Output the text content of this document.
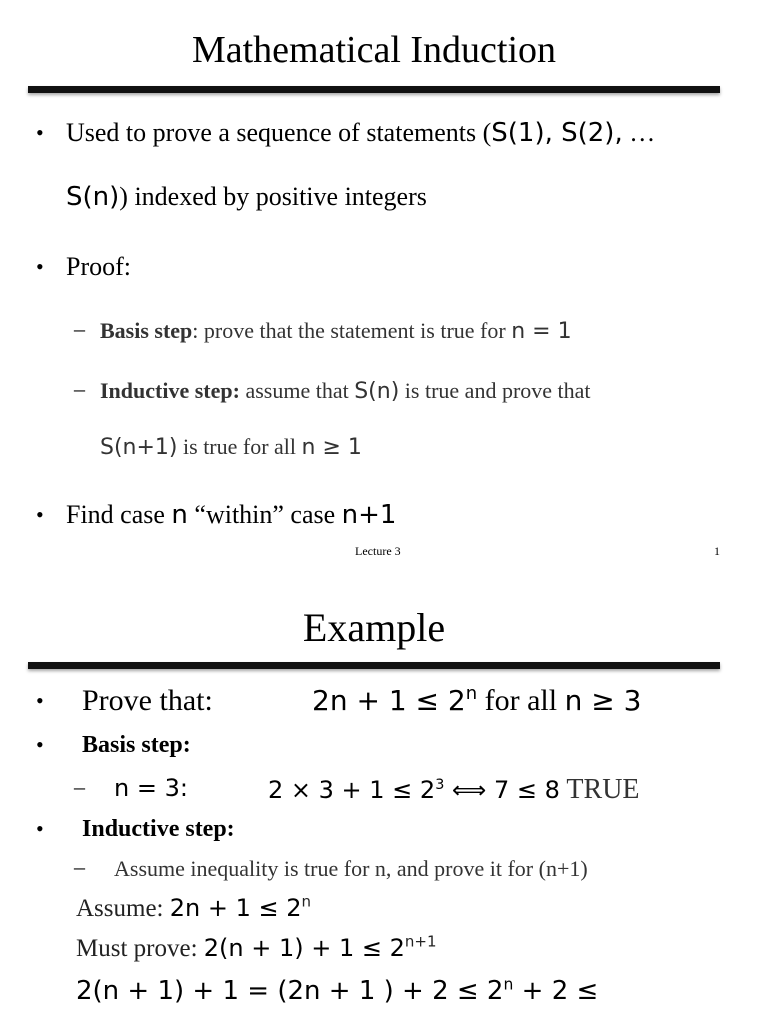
Mathematical Induction
• Used to prove a sequence of statements (S(1), S(2), …
S(n)) indexed by positive integers
• Proof:
– Basis step: prove that the statement is true for n = 1
– Inductive step: assume that S(n) is true and prove that
S(n+1) is true for all n ≥ 1
• Find case n “within” case n+1
Lecture 3	1
Example
• Prove that:	$2n + 1 \le 2^n$ for all n ≥ 3
• Basis step:
– n = 3:	$2 \times 3 + 1 \le 2^3$ ⟺ 7 ≤ 8 TRUE
• Inductive step:
– Assume inequality is true for n, and prove it for (n+1)
Assume: $2n + 1 \le 2^n$
Must prove: $2(n + 1) + 1 \le 2^{n+1}$
2(n + 1) + 1 = (2n + 1 ) + $2 \le 2^n + 2$ ≤
